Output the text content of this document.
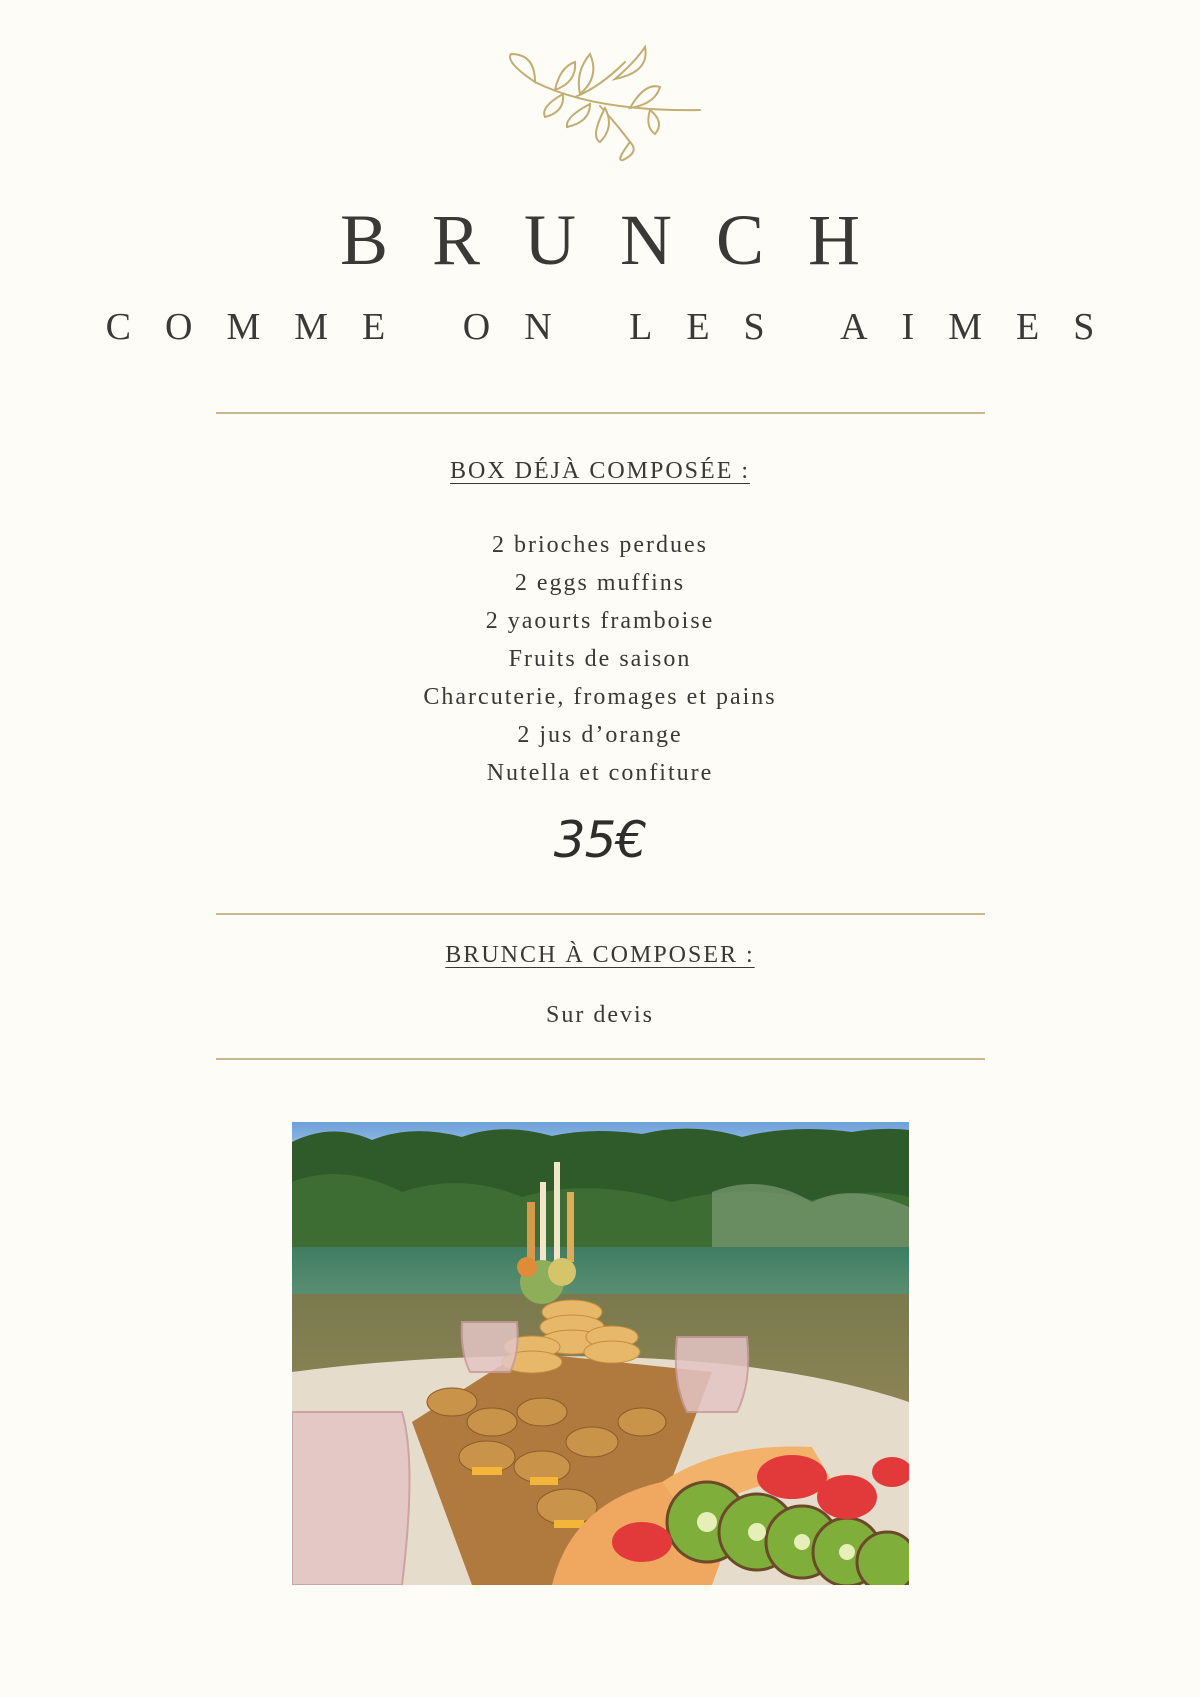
BRUNCH
COMME ON LES AIMES
BOX DÉJÀ COMPOSÉE :
2 brioches perdues
2 eggs muffins
2 yaourts framboise
Fruits de saison
Charcuterie, fromages et pains
2 jus d’orange
Nutella et confiture
35€
BRUNCH À COMPOSER :
Sur devis
